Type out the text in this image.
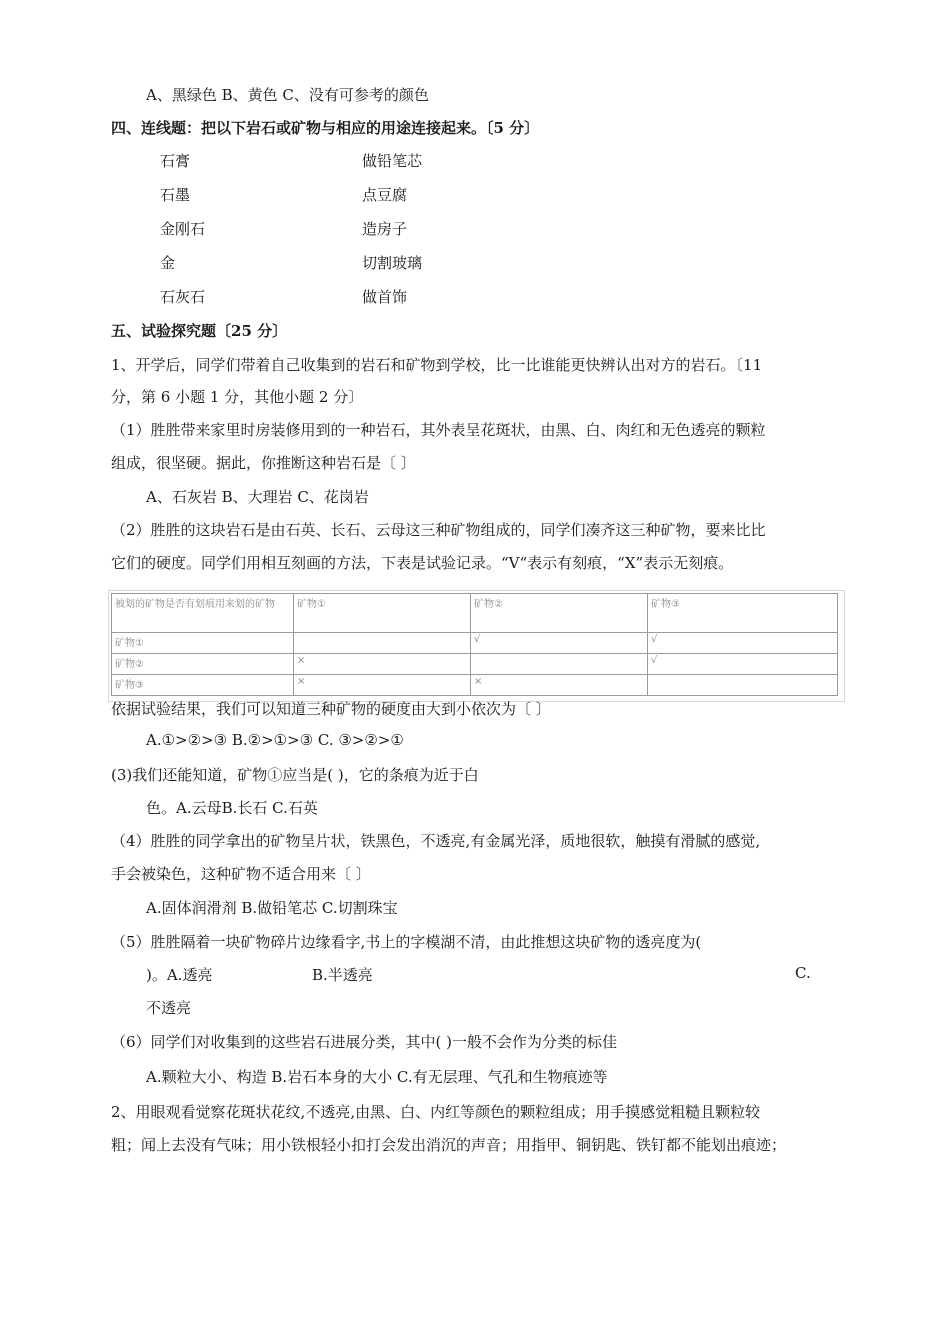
A、黑绿色 B、黄色 C、没有可参考的颜色
四、连线题：把以下岩石或矿物与相应的用途连接起来。〔5 分〕
石膏	做铅笔芯
石墨	点豆腐
金刚石	造房子
金	切割玻璃
石灰石	做首饰
五、试验探究题〔25 分〕
1、开学后，同学们带着自己收集到的岩石和矿物到学校，比一比谁能更快辨认出对方的岩石。〔11
分，第 6 小题 1 分，其他小题 2 分〕
（1）胜胜带来家里时房装修用到的一种岩石，其外表呈花斑状，由黑、白、肉红和无色透亮的颗粒
组成，很坚硬。据此，你推断这种岩石是〔 〕
A、石灰岩 B、大理岩 C、花岗岩
（2）胜胜的这块岩石是由石英、长石、云母这三种矿物组成的，同学们凑齐这三种矿物，要来比比
它们的硬度。同学们用相互刻画的方法，下表是试验记录。“V“表示有刻痕，“X”表示无刻痕。
被划的矿物是否有划痕用来划的矿物	矿物①	矿物②	矿物③
矿物①		√	√
矿物②	×		√
矿物③	×	×	
依据试验结果，我们可以知道三种矿物的硬度由大到小依次为〔 〕
A.①>②>③ B.②>①>③ C. ③>②>①
(3)我们还能知道，矿物①应当是( )，它的条痕为近于白
色。A.云母B.长石 C.石英
（4）胜胜的同学拿出的矿物呈片状，铁黑色，不透亮,有金属光泽，质地很软，触摸有滑腻的感觉,
手会被染色，这种矿物不适合用来〔 〕
A.固体润滑剂 B.做铅笔芯 C.切割珠宝
（5）胜胜隔着一块矿物碎片边缘看字,书上的字模湖不清，由此推想这块矿物的透亮度为(
)。A.透亮	B.半透亮	C.
不透亮
（6）同学们对收集到的这些岩石进展分类，其中( )一般不会作为分类的标佳
A.颗粒大小、构造 B.岩石本身的大小 C.有无层理、气孔和生物痕迹等
2、用眼观看觉察花斑状花纹,不透亮,由黑、白、内红等颜色的颗粒组成；用手摸感觉粗糙且颗粒较
粗；闻上去没有气味；用小铁根轻小扣打会发出消沉的声音；用指甲、铜钥匙、铁钉都不能划出痕迹；
